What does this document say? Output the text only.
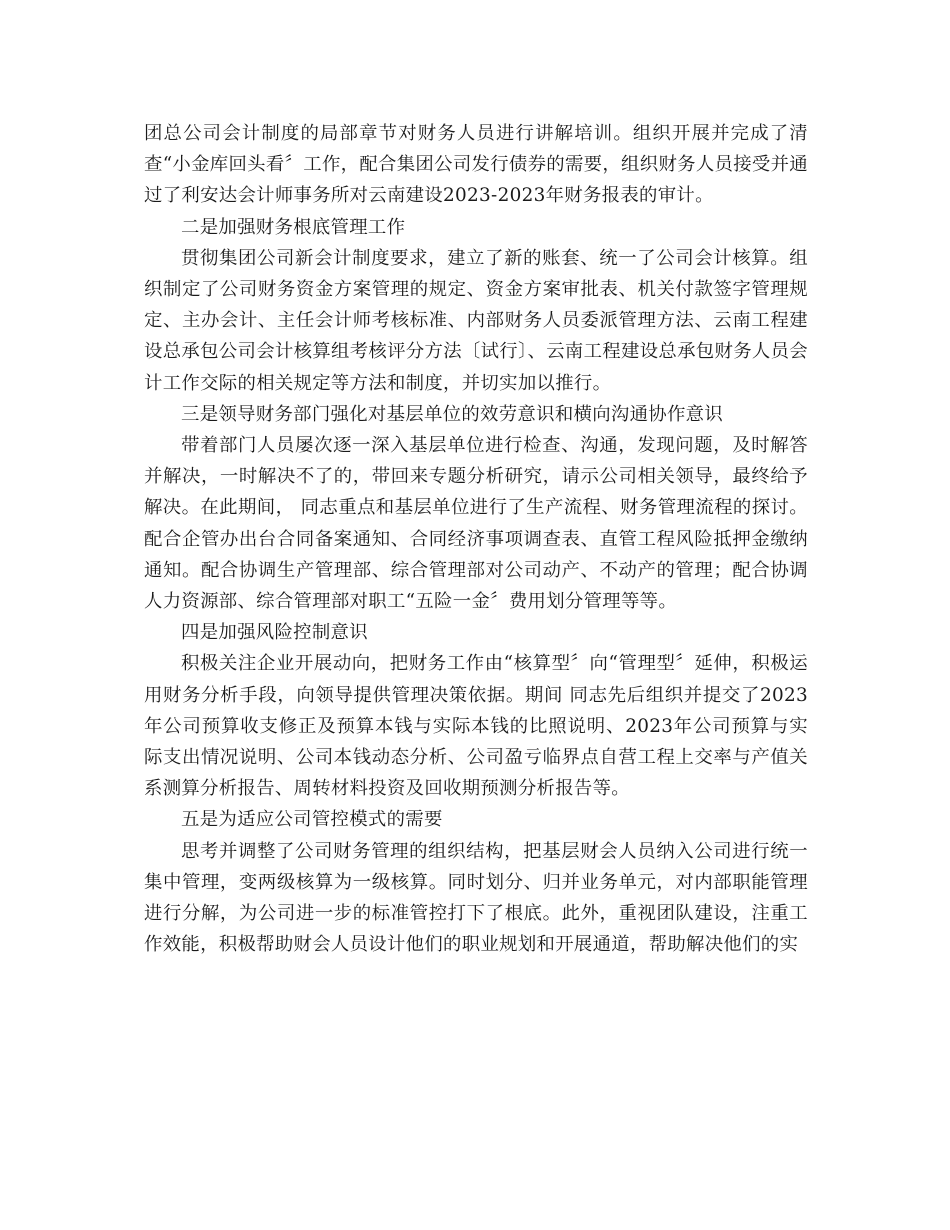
团总公司会计制度的局部章节对财务人员进行讲解培训。组织开展并完成了清查“小金库回头看〞工作，配合集团公司发行债券的需要，组织财务人员接受并通过了利安达会计师事务所对云南建设2023-2023年财务报表的审计。

二是加强财务根底管理工作

贯彻集团公司新会计制度要求，建立了新的账套、统一了公司会计核算。组织制定了公司财务资金方案管理的规定、资金方案审批表、机关付款签字管理规定、主办会计、主任会计师考核标准、内部财务人员委派管理方法、云南工程建设总承包公司会计核算组考核评分方法〔试行〕、云南工程建设总承包财务人员会计工作交际的相关规定等方法和制度，并切实加以推行。

三是领导财务部门强化对基层单位的效劳意识和横向沟通协作意识

带着部门人员屡次逐一深入基层单位进行检查、沟通，发现问题，及时解答并解决，一时解决不了的，带回来专题分析研究，请示公司相关领导，最终给予解决。在此期间， 同志重点和基层单位进行了生产流程、财务管理流程的探讨。配合企管办出台合同备案通知、合同经济事项调查表、直管工程风险抵押金缴纳通知。配合协调生产管理部、综合管理部对公司动产、不动产的管理；配合协调人力资源部、综合管理部对职工“五险一金〞费用划分管理等等。

四是加强风险控制意识

积极关注企业开展动向，把财务工作由“核算型〞向“管理型〞延伸，积极运用财务分析手段，向领导提供管理决策依据。期间 同志先后组织并提交了2023年公司预算收支修正及预算本钱与实际本钱的比照说明、2023年公司预算与实际支出情况说明、公司本钱动态分析、公司盈亏临界点自营工程上交率与产值关系测算分析报告、周转材料投资及回收期预测分析报告等。

五是为适应公司管控模式的需要

思考并调整了公司财务管理的组织结构，把基层财会人员纳入公司进行统一集中管理，变两级核算为一级核算。同时划分、归并业务单元，对内部职能管理进行分解，为公司进一步的标准管控打下了根底。此外，重视团队建设，注重工作效能，积极帮助财会人员设计他们的职业规划和开展通道，帮助解决他们的实
